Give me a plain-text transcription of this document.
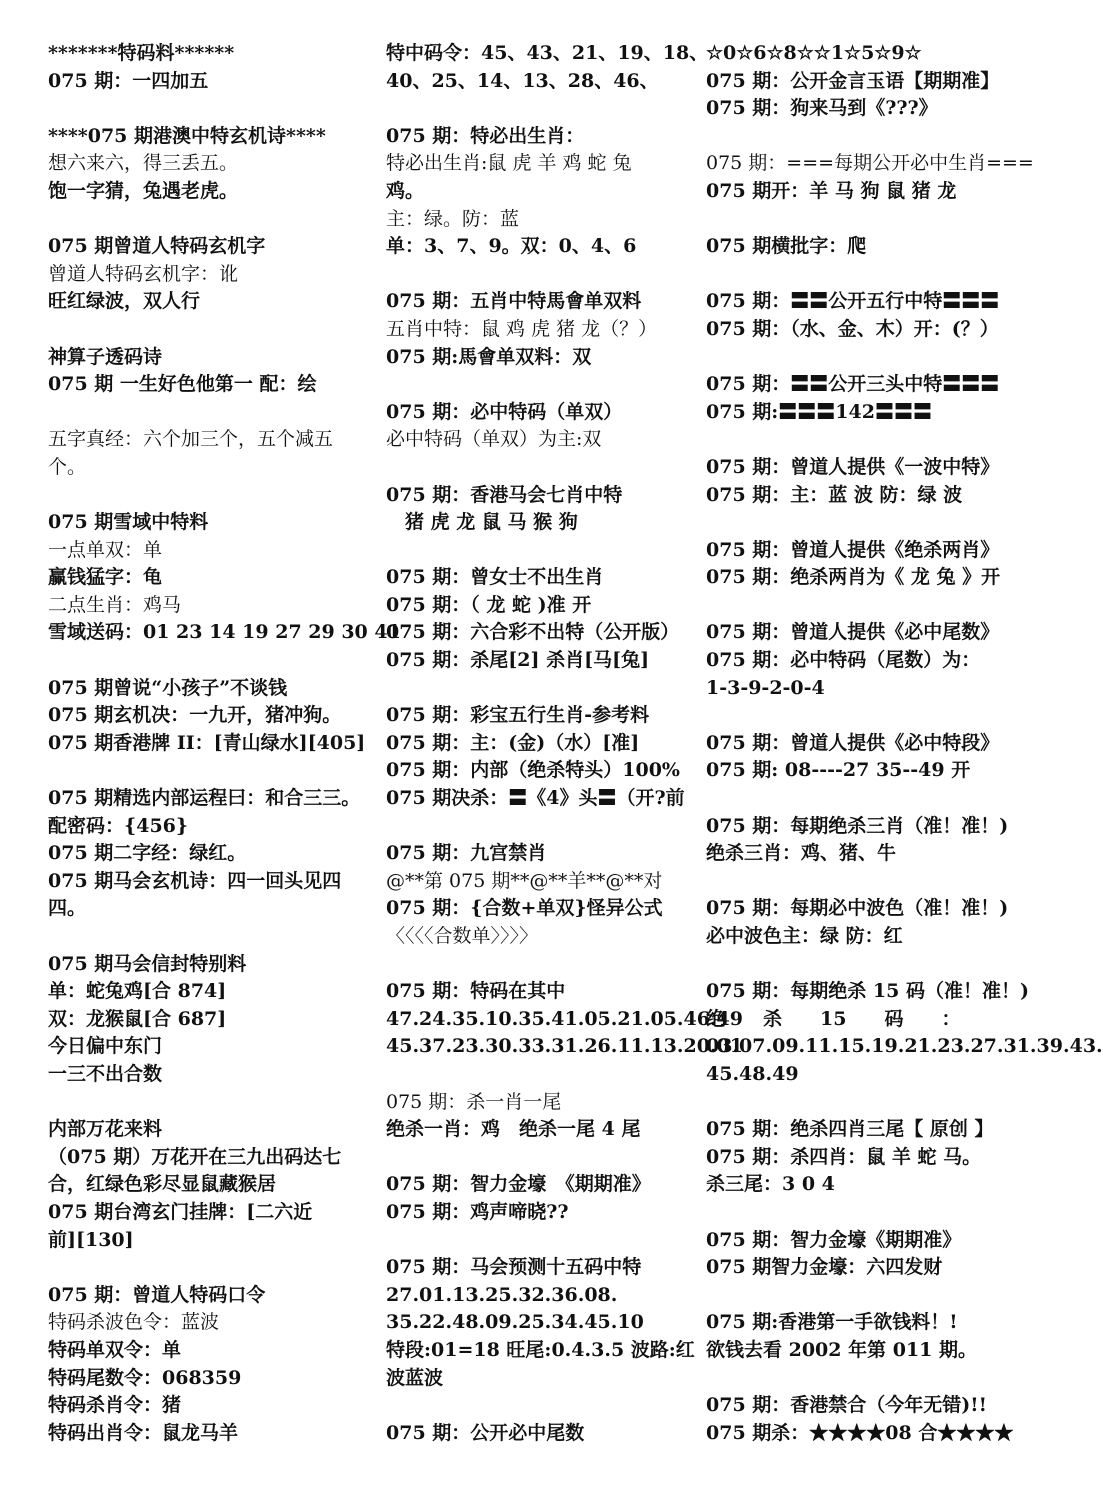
*******特码料******
075 期：一四加五
****075 期港澳中特玄机诗****
想六来六，得三丢五。
饱一字猜，兔遇老虎。
075 期曾道人特码玄机字
曾道人特码玄机字：讹
旺红绿波，双人行
神算子透码诗
075 期 一生好色他第一 配：绘
五字真经：六个加三个，五个减五
个。
075 期雪域中特料
一点单双：单
赢钱猛字：龟
二点生肖：鸡马
雪域送码：01 23 14 19 27 29 30 41
075 期曾说“小孩子”不谈钱
075 期玄机决：一九开，猪冲狗。
075 期香港牌 II：[青山绿水][405]
075 期精选内部运程曰：和合三三。
配密码：{456}
075 期二字经：绿红。
075 期马会玄机诗：四一回头见四
四。
075 期马会信封特别料
单：蛇兔鸡[合 874]
双：龙猴鼠[合 687]
今日偏中东门
一三不出合数
内部万花来料
（075 期）万花开在三九出码达七
合，红绿色彩尽显鼠藏猴居
075 期台湾玄门挂牌：[二六近
前][130]
075 期：曾道人特码口令
特码杀波色令：蓝波
特码单双令：单
特码尾数令：068359
特码杀肖令：猪
特码出肖令：鼠龙马羊
特中码令：45、43、21、19、18、
40、25、14、13、28、46、
075 期：特必出生肖：
特必出生肖:鼠 虎 羊 鸡 蛇 兔
鸡。
主：绿。防：蓝
单：3、7、9。双：0、4、6
075 期：五肖中特馬會单双料
五肖中特：鼠 鸡 虎 猪 龙（？）
075 期:馬會单双料：双
075 期：必中特码（单双）
必中特码（单双）为主:双
075 期：香港马会七肖中特
　猪 虎 龙 鼠 马 猴 狗
075 期：曾女士不出生肖
075 期：（ 龙 蛇 )准 开
075 期：六合彩不出特（公开版）
075 期：杀尾[2] 杀肖[马[兔]
075 期：彩宝五行生肖-参考料
075 期：主：(金)（水）[准]
075 期：内部（绝杀特头）100%
075 期决杀：〓《4》头〓（开?前
075 期：九宫禁肖
@**第 075 期**@**羊**@**对
075 期：{合数+单双}怪异公式
〈〈〈〈合数单〉〉〉〉
075 期：特码在其中
47.24.35.10.35.41.05.21.05.46.49
45.37.23.30.33.31.26.11.13.20.01
075 期：杀一肖一尾
绝杀一肖：鸡　绝杀一尾 4 尾
075 期：智力金壕　《期期准》
075 期：鸡声啼晓??
075 期：马会预测十五码中特
27.01.13.25.32.36.08.
35.22.48.09.25.34.45.10
特段:01=18 旺尾:0.4.3.5 波路:红
波蓝波
075 期：公开必中尾数
☆0☆6☆8☆☆1☆5☆9☆
075 期：公开金言玉语【期期准】
075 期：狗来马到《???》
075 期：===每期公开必中生肖===
075 期开：羊 马 狗 鼠 猪 龙
075 期横批字：爬
075 期：〓〓公开五行中特〓〓〓
075 期：（水、金、木）开：(？）
075 期：〓〓公开三头中特〓〓〓
075 期:〓〓〓142〓〓〓
075 期：曾道人提供《一波中特》
075 期：主：蓝 波 防：绿 波
075 期：曾道人提供《绝杀两肖》
075 期：绝杀两肖为《 龙 兔 》开
075 期：曾道人提供《必中尾数》
075 期：必中特码（尾数）为：
1-3-9-2-0-4
075 期：曾道人提供《必中特段》
075 期: 08----27 35--49 开
075 期：每期绝杀三肖（准！准！)
绝杀三肖：鸡、猪、牛
075 期：每期必中波色（准！准！)
必中波色主：绿 防：红
075 期：每期绝杀 15 码（准！准！)
绝　　杀　　15　　码　　：
03.07.09.11.15.19.21.23.27.31.39.43.
45.48.49
075 期：绝杀四肖三尾【 原创 】
075 期：杀四肖：鼠 羊 蛇 马。
杀三尾：3 0 4
075 期：智力金壕《期期准》
075 期智力金壕：六四发财
075 期:香港第一手欲钱料！!
欲钱去看 2002 年第 011 期。
075 期：香港禁合（今年无错)!!
075 期杀：★★★★08 合★★★★
